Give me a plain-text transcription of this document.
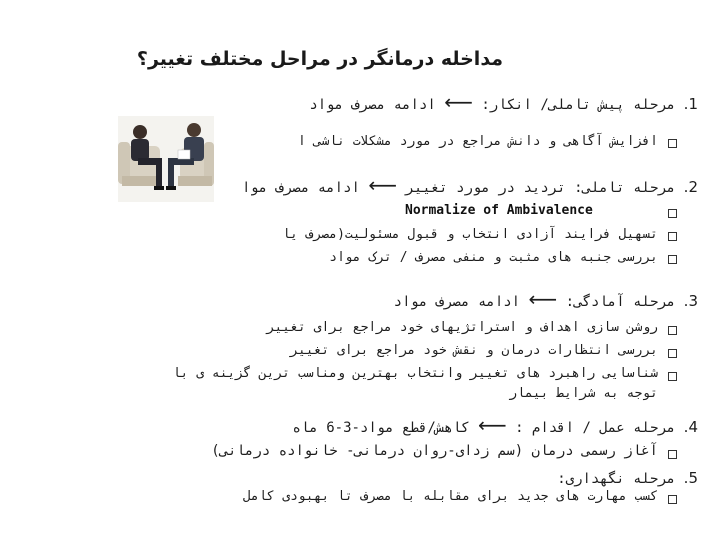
مداخله درمانگر در مراحل مختلف تغییر؟
1. مرحله پیش تاملی/ انکار: ⟵ ادامه مصرف مواد
افزایش آگاهی و دانش مراجع در مورد مشکلات ناشی ا
2. مرحله تاملی: تردید در مورد تغییر ⟵ ادامه مصرف موا
Normalize of Ambivalence
تسهیل فرایند آزادی انتخاب و قبول مسئولیت(مصرف یا
بررسی جنبه های مثبت و منفی مصرف / ترک مواد
3. مرحله آمادگی: ⟵ ادامه مصرف مواد
روشن سازی اهداف و استراتژیهای خود مراجع برای تغییر
بررسی انتظارات درمان و نقش خود مراجع برای تغییر
شناسایی راهبرد های تغییر وانتخاب بهترین ومناسب ترین گزینه ی با
توجه به شرایط بیمار
4. مرحله عمل / اقدام : ⟵ کاهش/قطع مواد-3-6 ماه
آغاز رسمی درمان (سم زدای-روان درمانی- خانواده درمانی)
5. مرحله نگهداری:
کسب مهارت های جدید برای مقابله با مصرف تا بهبودی کامل
